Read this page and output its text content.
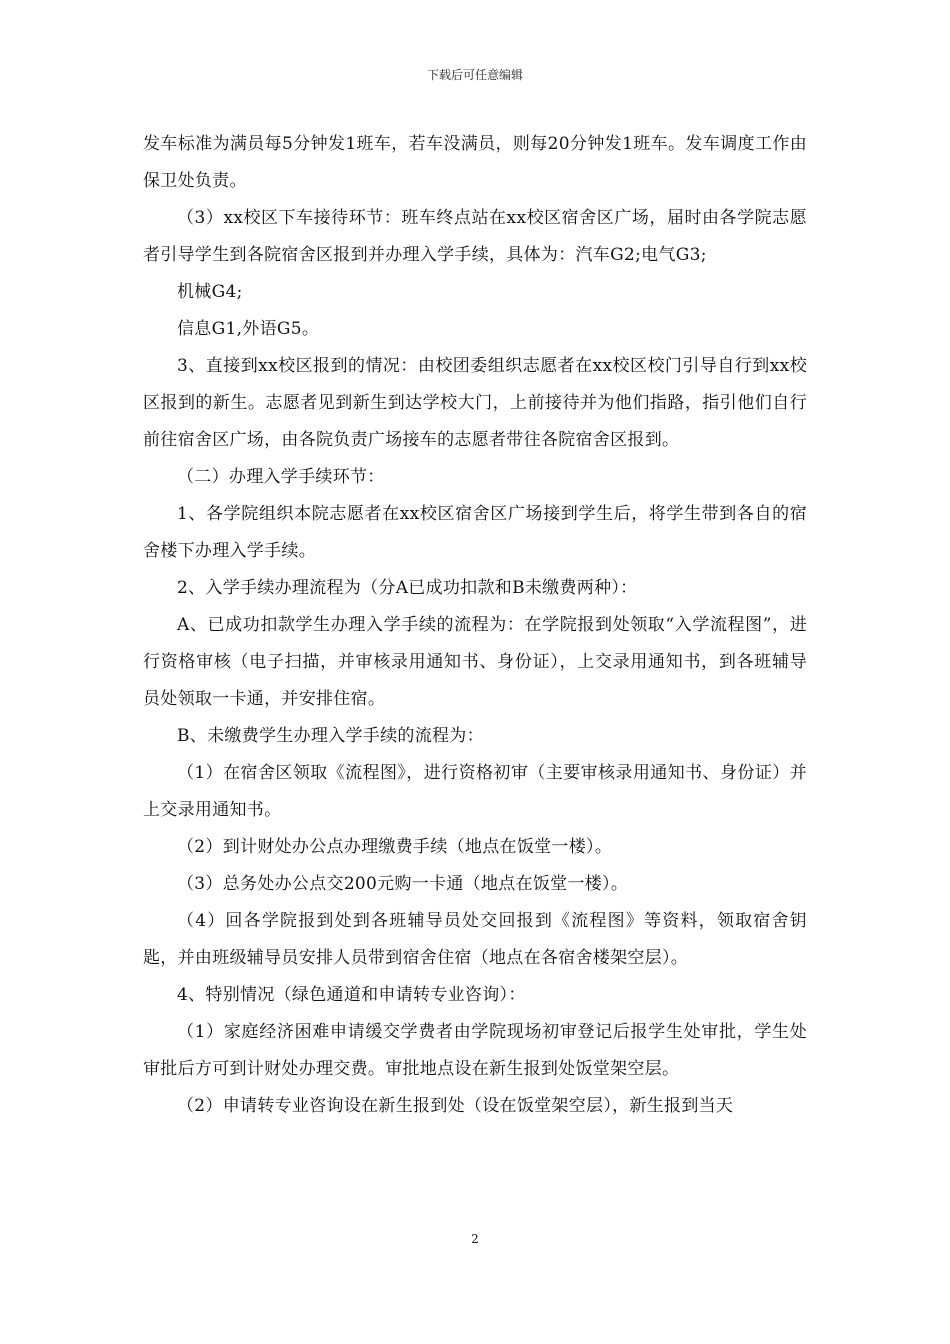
下载后可任意编辑

发车标准为满员每5分钟发1班车，若车没满员，则每20分钟发1班车。发车调度工作由保卫处负责。

（3）xx校区下车接待环节：班车终点站在xx校区宿舍区广场，届时由各学院志愿者引导学生到各院宿舍区报到并办理入学手续，具体为：汽车G2;电气G3;

机械G4;

信息G1,外语G5。

3、直接到xx校区报到的情况：由校团委组织志愿者在xx校区校门引导自行到xx校区报到的新生。志愿者见到新生到达学校大门，上前接待并为他们指路，指引他们自行前往宿舍区广场，由各院负责广场接车的志愿者带往各院宿舍区报到。

（二）办理入学手续环节：

1、各学院组织本院志愿者在xx校区宿舍区广场接到学生后，将学生带到各自的宿舍楼下办理入学手续。

2、入学手续办理流程为（分A已成功扣款和B未缴费两种）：

A、已成功扣款学生办理入学手续的流程为：在学院报到处领取“入学流程图”，进行资格审核（电子扫描，并审核录用通知书、身份证），上交录用通知书，到各班辅导员处领取一卡通，并安排住宿。

B、未缴费学生办理入学手续的流程为：

（1）在宿舍区领取《流程图》，进行资格初审（主要审核录用通知书、身份证）并上交录用通知书。

（2）到计财处办公点办理缴费手续（地点在饭堂一楼）。

（3）总务处办公点交200元购一卡通（地点在饭堂一楼）。

（4）回各学院报到处到各班辅导员处交回报到《流程图》等资料，领取宿舍钥匙，并由班级辅导员安排人员带到宿舍住宿（地点在各宿舍楼架空层）。

4、特别情况（绿色通道和申请转专业咨询）：

（1）家庭经济困难申请缓交学费者由学院现场初审登记后报学生处审批，学生处审批后方可到计财处办理交费。审批地点设在新生报到处饭堂架空层。

（2）申请转专业咨询设在新生报到处（设在饭堂架空层），新生报到当天

2
